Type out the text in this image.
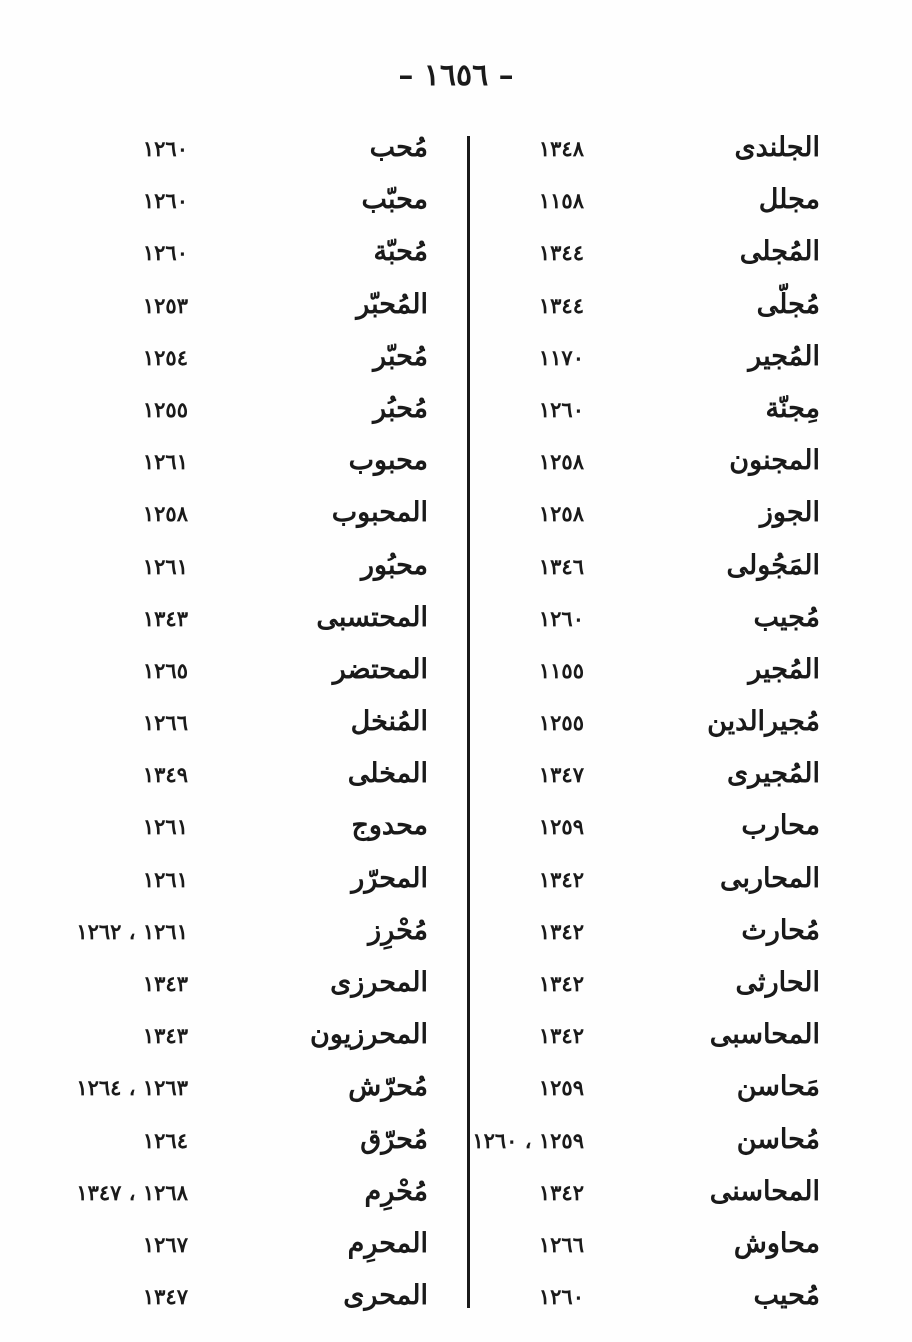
– ١٦٥٦ –
الجلندى
١٣٤٨
مجلل
١١٥٨
المُجلى
١٣٤٤
مُجلّى
١٣٤٤
المُجير
١١٧٠
مِجنّة
١٢٦٠
المجنون
١٢٥٨
الجوز
١٢٥٨
المَجُولى
١٣٤٦
مُجيب
١٢٦٠
المُجير
١١٥٥
مُجيرالدين
١٢٥٥
المُجيرى
١٣٤٧
محارب
١٢٥٩
المحاربى
١٣٤٢
مُحارث
١٣٤٢
الحارثى
١٣٤٢
المحاسبى
١٣٤٢
مَحاسن
١٢٥٩
مُحاسن
١٢٥٩ ، ١٢٦٠
المحاسنى
١٣٤٢
محاوش
١٢٦٦
مُحيب
١٢٦٠
مُحب
١٢٦٠
محبّب
١٢٦٠
مُحبّة
١٢٦٠
المُحبّر
١٢٥٣
مُحبّر
١٢٥٤
مُحبُر
١٢٥٥
محبوب
١٢٦١
المحبوب
١٢٥٨
محبُور
١٢٦١
المحتسبى
١٣٤٣
المحتضر
١٢٦٥
المُنخل
١٢٦٦
المخلى
١٣٤٩
محدوج
١٢٦١
المحرّر
١٢٦١
مُحْرِز
١٢٦١ ، ١٢٦٢
المحرزى
١٣٤٣
المحرزيون
١٣٤٣
مُحرّش
١٢٦٣ ، ١٢٦٤
مُحرّق
١٢٦٤
مُحْرِم
١٢٦٨ ، ١٣٤٧
المحرِم
١٢٦٧
المحرى
١٣٤٧
